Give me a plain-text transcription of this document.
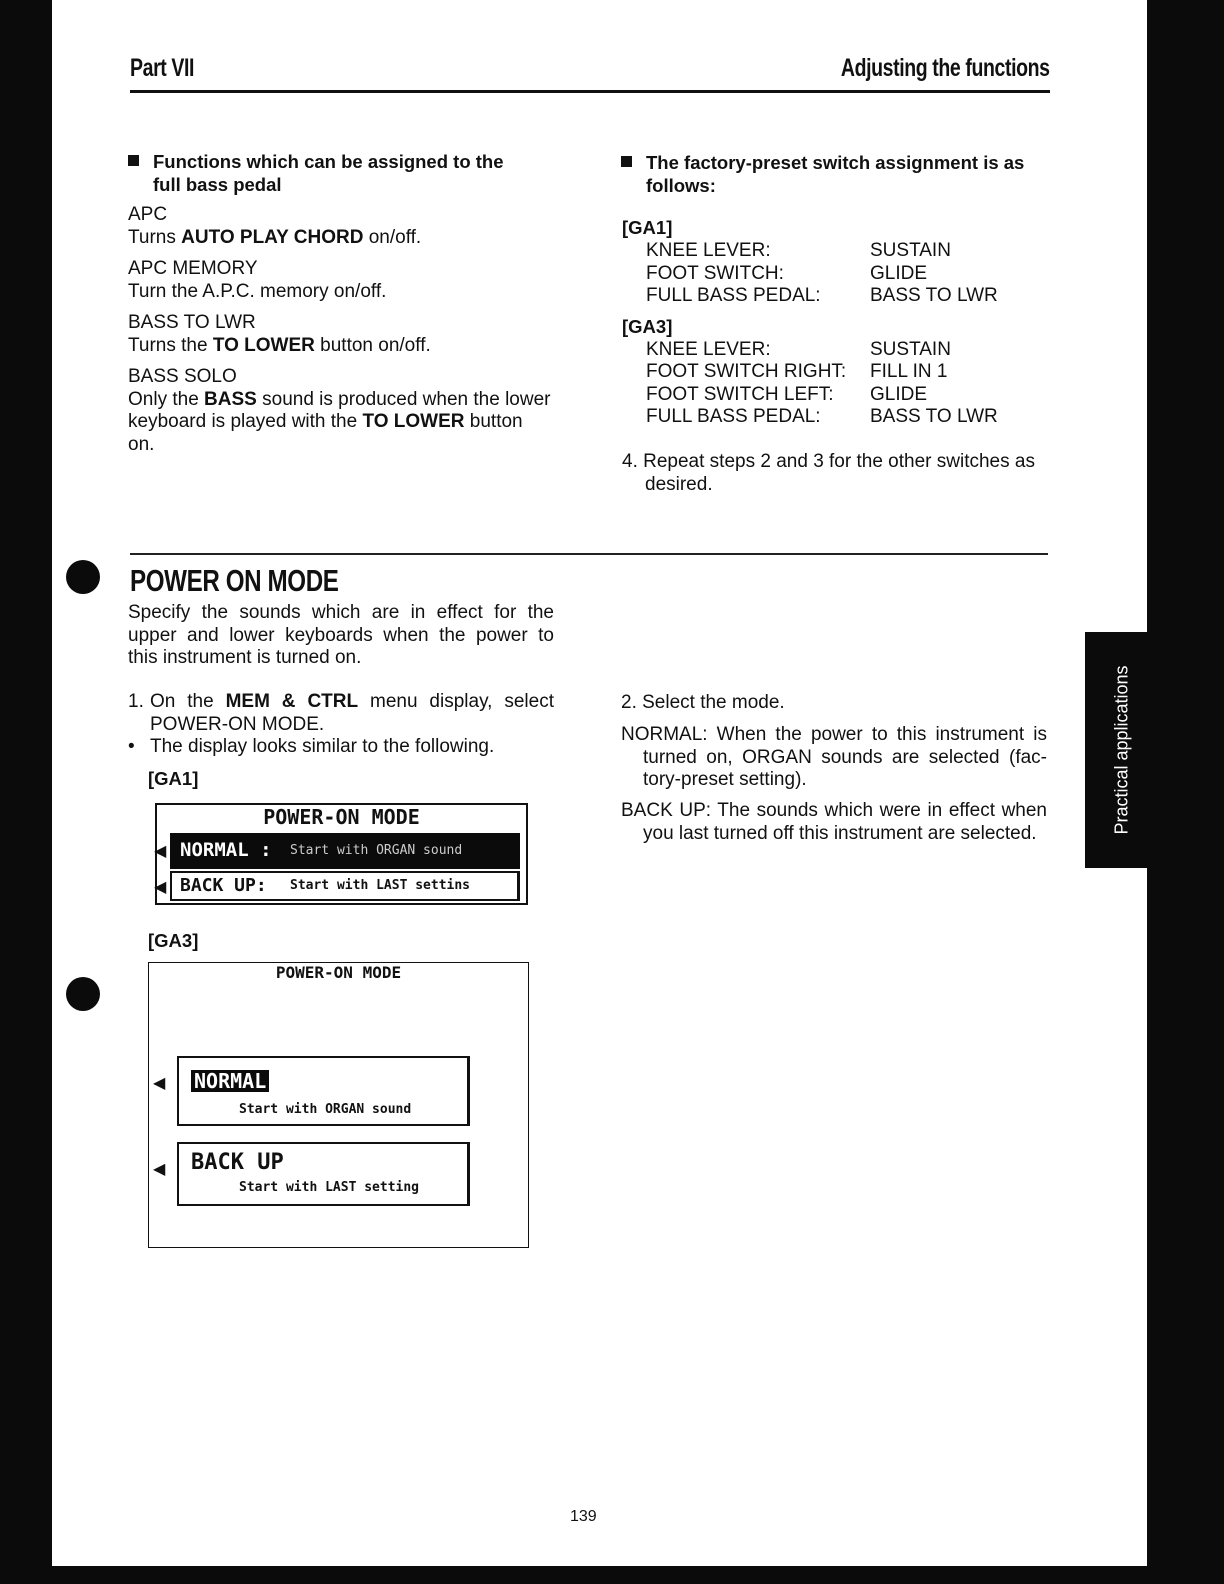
Part VII	Adjusting the functions
Functions which can be assigned to the
full bass pedal
APC
Turns AUTO PLAY CHORD on/off.
APC MEMORY
Turn the A.P.C. memory on/off.
BASS TO LWR
Turns the TO LOWER button on/off.
BASS SOLO
Only the BASS sound is produced when the lower
keyboard is played with the TO LOWER button
on.
The factory-preset switch assignment is as
follows:
[GA1]
KNEE LEVER:	SUSTAIN
FOOT SWITCH:	GLIDE
FULL BASS PEDAL:	BASS TO LWR
[GA3]
KNEE LEVER:	SUSTAIN
FOOT SWITCH RIGHT: FILL IN 1
FOOT SWITCH LEFT: GLIDE
FULL BASS PEDAL:	BASS TO LWR
4. Repeat steps 2 and 3 for the other switches as
desired.
POWER ON MODE
Specify the sounds which are in effect for the
upper and lower keyboards when the power to
this instrument is turned on.
1. On the MEM & CTRL menu display, select
POWER-ON MODE.
• The display looks similar to the following.
[GA1]
POWER-ON MODE
◀ NORMAL : Start with ORGAN sound
◀ BACK UP: Start with LAST settins
[GA3]
POWER-ON MODE
◀ NORMAL
Start with ORGAN sound
◀ BACK UP
Start with LAST setting
2. Select the mode.
NORMAL: When the power to this instrument is
turned on, ORGAN sounds are selected (fac-
tory-preset setting).
BACK UP: The sounds which were in effect when
you last turned off this instrument are selected.	Practical applications
139
